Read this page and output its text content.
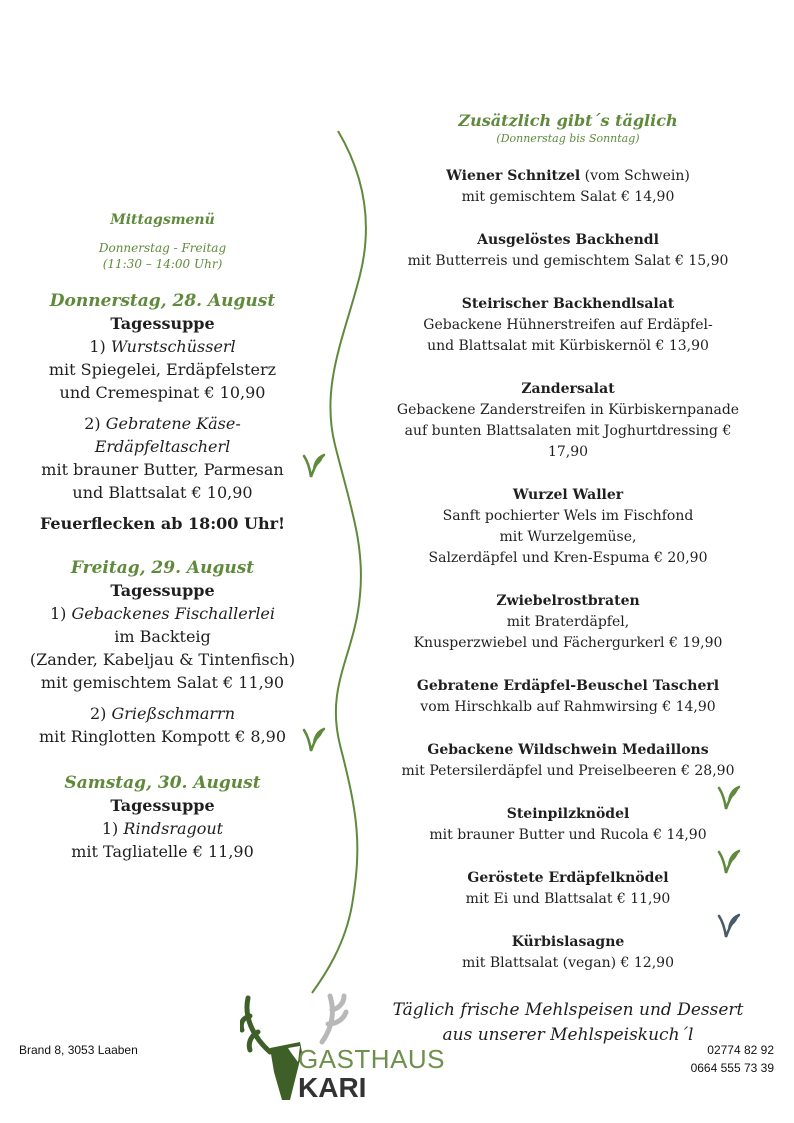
Mittagsmenü
Donnerstag - Freitag
(11:30 – 14:00 Uhr)
Donnerstag, 28. August
Tagessuppe
1) Wurstschüsserl
mit Spiegelei, Erdäpfelsterz
und Cremespinat € 10,90
2) Gebratene Käse-Erdäpfeltascherl
mit brauner Butter, Parmesan
und Blattsalat € 10,90
Feuerflecken ab 18:00 Uhr!
Freitag, 29. August
Tagessuppe
1) Gebackenes Fischallerlei
im Backteig
(Zander, Kabeljau & Tintenfisch)
mit gemischtem Salat € 11,90
2) Grießschmarrn
mit Ringlotten Kompott € 8,90
Samstag, 30. August
Tagessuppe
1) Rindsragout
mit Tagliatelle € 11,90
Zusätzlich gibt´s täglich
(Donnerstag bis Sonntag)
Wiener Schnitzel (vom Schwein)
mit gemischtem Salat € 14,90
Ausgelöstes Backhendl
mit Butterreis und gemischtem Salat € 15,90
Steirischer Backhendlsalat
Gebackene Hühnerstreifen auf Erdäpfel-
und Blattsalat mit Kürbiskernöl € 13,90
Zandersalat
Gebackene Zanderstreifen in Kürbiskernpanade
auf bunten Blattsalaten mit Joghurtdressing € 17,90
Wurzel Waller
Sanft pochierter Wels im Fischfond
mit Wurzelgemüse,
Salzerdäpfel und Kren-Espuma € 20,90
Zwiebelrostbraten
mit Braterdäpfel,
Knusperzwiebel und Fächergurkerl € 19,90
Gebratene Erdäpfel-Beuschel Tascherl
vom Hirschkalb auf Rahmwirsing € 14,90
Gebackene Wildschwein Medaillons
mit Petersilerdäpfel und Preiselbeeren € 28,90
Steinpilzknödel
mit brauner Butter und Rucola € 14,90
Geröstete Erdäpfelknödel
mit Ei und Blattsalat € 11,90
Kürbislasagne
mit Blattsalat (vegan) € 12,90
Täglich frische Mehlspeisen und Dessert
aus unserer Mehlspeiskuch´l
Brand 8, 3053 Laaben	02774 82 92
0664 555 73 39
GASTHAUS
KARI
